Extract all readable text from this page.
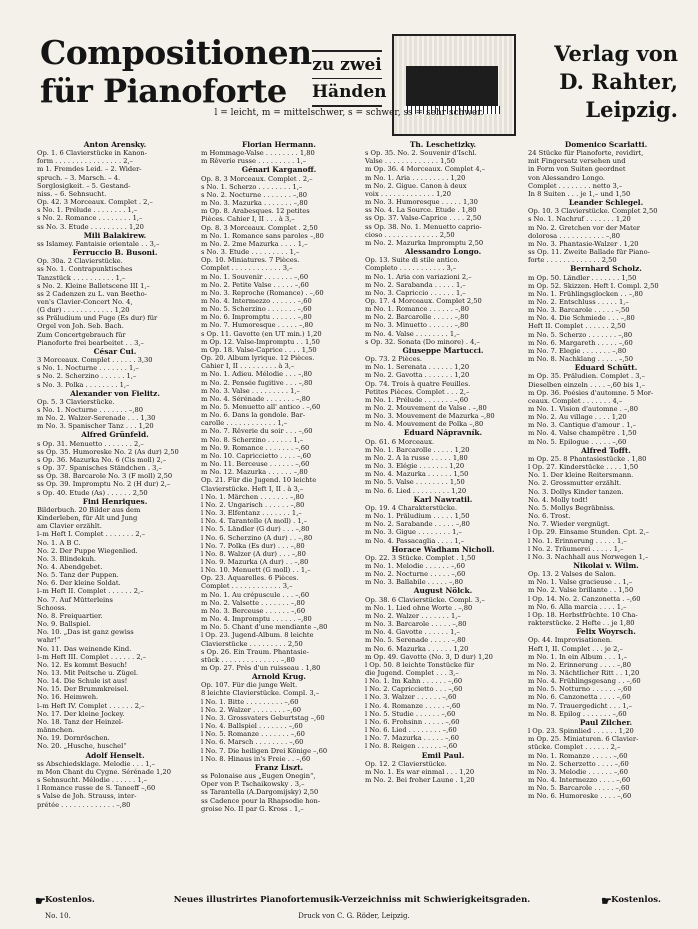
Compositionen
für Pianoforte
zu zwei
Händen
Verlag von
D. Rahter,
Leipzig.
l = leicht, m = mittelschwer, s = schwer, ss = sehr schwer.
Anton Arensky.
Op. 1. 6 Clavierstücke in Kanon-
form . . . . . . . . . . . . . . . . 2,–
m 1. Fremdes Leid. – 2. Wider-
spruch. – 3. Marsch. – 4.
Sorglosigkeit. – 5. Gestand-
niss. – 6. Sehnsucht.
Op. 42. 3 Morceaux. Complet . 2,–
s No. 1. Prélude . . . . . . . . 1,–
s No. 2. Romance . . . . . . . . 1,–
ss No. 3. Etude . . . . . . . . . 1,20
Mili Balakirew.
ss Islamey. Fantaisie orientale . . 3,–
Ferruccio B. Busoni.
Op. 30a. 2 Clavierstücke.
ss No. 1. Contrapunktisches
Tanzstück . . . . . . . . . . 1,–
s No. 2. Kleine Balletscene III 1,–
ss 2 Cadenzen zu L. van Beetho-
ven's Clavier-Concert No. 4,
(G dur) . . . . . . . . . . . . 1,20
ss Präludium und Fuge (Es dur) für
Orgel von Joh. Seb. Bach.
Zum Concertgebrauch für
Pianoforte frei bearbeitet . . 3,–
César Cui.
3 Morceaux. Complet . . . . . . 3,30
s No. 1. Nocturne . . . . . . . 1,–
s No. 2. Scherzino . . . . . . 1,–
s No. 3. Polka . . . . . . . . 1,–
Alexander von Fielitz.
Op. 5. 3 Clavierstücke.
s No. 1. Nocturne . . . . . . . –,80
m No. 2. Walzer-Serenade . . . 1,30
m No. 3. Spanischer Tanz . . . 1,20
Alfred Grünfeld.
s Op. 31. Menuetto . . . . . . . 2,–
ss Op. 35. Humoreske No. 2 (As dur) 2,50
s Op. 36. Mazurka No. 6 (Cis moll) 2,–
s Op. 37. Spanisches Ständchen . 3,–
ss Op. 38. Barcarole No. 3 (F moll) 2,50
ss Op. 39. Impromptu No. 2 (H dur) 2,–
s Op. 40. Etude (As) . . . . . . 2,50
Fini Henriques.
Bilderbuch. 20 Bilder aus dem
Kinderleben, für Alt und Jung
am Clavier erzählt.
l–m Heft I. Complet . . . . . . . 2,–
No. 1. A B C.
No. 2. Der Puppe Wiegenlied.
No. 3. Blindekuh.
No. 4. Abendgebet.
No. 5. Tanz der Puppen.
No. 6. Der kleine Soldat.
l–m Heft II. Complet . . . . . . 2,–
No. 7. Auf Mütterleins
Schooss.
No. 8. Freiquartier.
No. 9. Ballspiel.
No. 10. „Das ist ganz gewiss
wahr!“
No. 11. Das weinende Kind.
l–m Heft III. Complet . . . . . . 2,–
No. 12. Es kommt Besuch!
No. 13. Mit Peitsche u. Zügel.
No. 14. Die Schule ist aus!
No. 15. Der Brummkreisel.
No. 16. Heimweh.
l–m Heft IV. Complet . . . . . . 2,–
No. 17. Der kleine Jockey.
No. 18. Tanz der Heinzel-
männchen.
No. 19. Dornröschen.
No. 20. „Husche, huschel“
Adolf Henselt.
ss Abschiedsklage. Melodie . . . 1,–
m Mon Chant du Cygne. Sérénade 1,20
s Sehnsucht. Mélodie . . . . . . 1,–
l Romance russe de S. Taneeff –,60
s Valse de Joh. Strauss, inter-
prétée . . . . . . . . . . . . . –,80
Florian Hermann.
m Hommage-Valse . . . . . . . . 1,80
m Rêverie russe . . . . . . . . . 1,–
Génari Karganoff.
Op. 8. 3 Morceaux. Complet . 2,–
s No. 1. Scherzo . . . . . . . . 1,–
s No. 2. Nocturne . . . . . . . –,80
m No. 3. Mazurka . . . . . . . –,80
m Op. 8. Arabesques. 12 petites
Pièces. Cahier I, II . . . à 3,–
Op. 8. 3 Morceaux. Complet . 2,50
m No. 1. Romance sans paroles –,80
m No. 2. 2me Mazurka . . . . 1,–
s No. 3. Etude . . . . . . . . . 1,–
Op. 10. Miniatures. 7 Pièces.
Complet . . . . . . . . . . . . 3,–
m No. 1. Souvenir . . . . . . . –,60
m No. 2. Petite Valse . . . . . –,60
m No. 3. Reproche (Romance) . –,60
m No. 4. Intermezzo . . . . . . –,60
m No. 5. Scherzino . . . . . . . –,60
m No. 6. Impromptu . . . . . . –,80
m No. 7. Humoresque . . . . . –,80
s Op. 11. Gavotte (en UT min.) 1,20
m Op. 12. Valse-Impromptu . . 1,50
m Op. 18. Valse-Caprice . . . . 1,50
Op. 20. Album lyrique. 12 Pièces.
Cahier I, II . . . . . . . . . à 3,–
m No. 1. Adieu. Mélodie . . . –,80
m No. 2. Pensée fugitive . . . –,80
m No. 3. Valse . . . . . . . . . 1,–
m No. 4. Sérénade . . . . . . . –,80
m No. 5. Menuetto all' antico . –,60
m No. 6. Dans la gondole. Bar-
carolle . . . . . . . . . . . . 1,–
m No. 7. Rêverie du soir . . . –,60
m No. 8. Scherzino . . . . . . 1,–
m No. 9. Romance . . . . . . . –,60
m No. 10. Capriccietto . . . . –,60
m No. 11. Berceuse . . . . . . –,60
m No. 12. Mazurka . . . . . . –,80
Op. 21. Für die Jugend. 10 leichte
Clavierstücke. Heft I, II . à 3,–
l No. 1. Märchen . . . . . . . –,80
l No. 2. Ungarisch . . . . . . –,80
l No. 3. Elfentanz . . . . . . . 1,–
l No. 4. Tarantelle (A moll) . 1,–
l No. 5. Ländler (G dur) . . . –,80
l No. 6. Scherzino (A dur) . . –,80
l No. 7. Polka (Es dur) . . . –,80
l No. 8. Walzer (A dur) . . . –,80
l No. 9. Mazurka (A dur) . . –,80
l No. 10. Menuett (G moll) . . 1,–
Op. 23. Aquarelles. 6 Pièces.
Complet . . . . . . . . . . . . 3,–
m No. 1. Au crépuscule . . . –,60
m No. 2. Valsette . . . . . . . –,80
m No. 3. Berceuse . . . . . . –,60
m No. 4. Impromptu . . . . . . –,80
m No. 5. Chant d'une mendiante –,80
l Op. 23. Jugend-Album. 8 leichte
Clavierstücke . . . . . . . . . 2,50
s Op. 26. Ein Traum. Phantasie-
stück . . . . . . . . . . . . . . –,80
m Op. 27. Près d'un ruisseau . 1,80
Arnold Krug.
Op. 107. Für die junge Welt.
8 leichte Clavierstücke. Compl. 3,–
l No. 1. Bitte . . . . . . . . . –,60
l No. 2. Walzer . . . . . . . . –,60
l No. 3. Grossvaters Geburtstag –,60
l No. 4. Ballspiel . . . . . . . –,60
l No. 5. Romanze . . . . . . . –,60
l No. 6. Marsch . . . . . . . . –,60
l No. 7. Die heiligen Drei Könige –,60
l No. 8. Hinaus in's Freie . . –,60
Franz Liszt.
ss Polonaise aus „Eugen Onegin“,
Oper von P. Tschaikowsky . 3,–
ss Tarantella (A.Dargomijsky) 2,50
ss Cadence pour la Rhapsodie hon-
groise No. II par G. Kross . 1,–
Th. Leschetizky.
s Op. 35. No. 2. Souvenir d'Ischl.
Valse . . . . . . . . . . . . . 1,50
m Op. 36. 4 Morceaux. Complet 4,–
m No. 1. Aria . . . . . . . . . 1,20
m No. 2. Gigue. Canon à deux
voix . . . . . . . . . . . . . 1,20
m No. 3. Humoresque . . . . . 1,30
ss No. 4. La Source. Etude . 1,80
ss Op. 37. Valse-Caprice . . . . 2,50
ss Op. 38. No. 1. Menuetto caprio-
cioso . . . . . . . . . . . . . 2,50
m No. 2. Mazurka Impromptu 2,50
Alessandro Longo.
Op. 13. Suite di stile antico.
Completo . . . . . . . . . . . 3,–
m No. 1. Aria con variazioni 2,–
m No. 2. Sarabanda . . . . . 1,–
m No. 3. Capriccio . . . . . . 1,–
Op. 17. 4 Morceaux. Complet 2,50
m No. 1. Romance . . . . . . –,80
m No. 2. Barcarolle . . . . . –,80
m No. 3. Minuetto . . . . . . –,80
m No. 4. Valse . . . . . . . . 1,–
s Op. 32. Sonata (Do minore) . 4,–
Giuseppe Martucci.
Op. 73. 2 Pièces.
m No. 1. Serenata . . . . . . 1,20
m No. 2. Gavotta . . . . . . . 1,20
Op. 74. Trois à quatre Feuilles.
Petites Pièces. Complet . . . 2,–
m No. 1. Prélude . . . . . . . –,60
m No. 2. Mouvement de Valse . –,80
m No. 3. Mouvement de Mazurka –,80
m No. 4. Mouvement de Polka –,80
Eduard Nápravník.
Op. 61. 6 Morceaux.
m No. 1. Barcarolle . . . . . 1,20
m No. 2. A la russe . . . . . 1,80
m No. 3. Elégie . . . . . . . 1,20
m No. 4. Mazurka . . . . . . 1,50
m No. 5. Valse . . . . . . . . 1,50
m No. 6. Lied . . . . . . . . . 1,20
Karl Nawratil.
Op. 19. 4 Charakterstücke.
m No. 1. Präludium . . . . . 1,50
m No. 2. Sarabande . . . . . –,80
m No. 3. Gigue . . . . . . . . 1,–
m No. 4. Passacaglia . . . . 1,–
Horace Wadham Nicholl.
Op. 22. 3 Stücke. Complet . 1,50
m No. 1. Melodie . . . . . . –,60
m No. 2. Nocturne . . . . . –,60
m No. 3. Ballabile . . . . . –,80
August Nölck.
Op. 38. 6 Clavierstücke. Compl. 3,–
m No. 1. Lied ohne Worte . –,80
m No. 2. Walzer . . . . . . . 1,–
m No. 3. Barcarole . . . . . –,80
m No. 4. Gavotte . . . . . . 1,–
m No. 5. Serenade . . . . . –,80
m No. 6. Mazurka . . . . . . 1,20
m Op. 49. Gavotte (No. 3, D dur) 1,20
l Op. 50. 8 leichte Tonstücke für
die Jugend. Complet . . . 3,–
l No. 1. Im Kahn . . . . . . –,60
l No. 2. Capriccietto . . . –,60
l No. 3. Walzer . . . . . . –,60
l No. 4. Romanze . . . . . –,60
l No. 5. Studie . . . . . . –,60
l No. 6. Frohsinn . . . . . –,60
l No. 6. Lied . . . . . . . . –,60
l No. 7. Mazurka . . . . . –,60
l No. 8. Reigen . . . . . . –,60
Emil Paul.
Op. 12. 2 Clavierstücke.
m No. 1. Es war einmal . . . 1,20
m No. 2. Bei froher Laune . 1,20
Domenico Scarlatti.
24 Stücke für Pianoforte, revidirt,
mit Fingersatz versehen und
in Form von Suiten geordnet
von Alessandro Longo.
Complet . . . . . . . . netto 3,–
In 8 Suiten . . . je 1,– und 1,50
Leander Schlegel.
Op. 10. 3 Clavierstücke. Complet 2,50
s No. 1. Nachruf . . . . . . . 1,20
m No. 2. Gretchen vor der Mater
dolorosa . . . . . . . . . . . –,80
m No. 3. Phantasie-Walzer . 1,20
ss Op. 11. Zweite Ballade für Piano-
forte . . . . . . . . . . . . . 2,50
Bernhard Scholz.
m Op. 50. Ländler . . . . . . . 1,50
m Op. 52. Skizzen. Heft I. Compl. 2,50
m No. 1. Frühlingsglocken . . –,80
m No. 2. Entschluss . . . . . 1,–
m No. 3. Barcarole . . . . . –,50
m No. 4. Die Schmiede . . . –,80
Heft II. Complet . . . . . . 2,50
m No. 5. Scherzo . . . . . . . –,80
m No. 6. Margareth . . . . . –,60
m No. 7. Elegie . . . . . . . –,80
m No. 8. Nachklang . . . . . –,50
Eduard Schütt.
m Op. 35. Präludien. Complet . 3,–
Dieselben einzeln . . . . –,60 bis 1,–
m Op. 36. Poésies d'automne. 5 Mor-
ceaux. Complet . . . . . . . 4,–
m No. 1. Vision d'automne . –,80
m No. 2. Au village . . . . 1,20
m No. 3. Cantique d'amour . 1,–
m No. 4. Valse champêtre . 1,50
m No. 5. Epilogue . . . . . –,60
Alfred Tofft.
m Op. 25. 8 Phantasiestücke . 1,80
l Op. 27. Kinderstücke . . . . 1,50
No. 1. Der kleine Reitersmann.
No. 2. Grossmutter erzählt.
No. 3. Dollys Kinder tanzen.
No. 4. Molly todt!
No. 5. Mollys Begräbniss.
No. 6. Trost.
No. 7. Wieder vergnügt.
l Op. 29. Einsame Stunden. Cpt. 2,–
l No. 1. Erinnerung . . . . . 1,–
l No. 2. Träumerei . . . . . 1,–
l No. 3. Nachhall aus Norwegen 1,–
Nikolai v. Wilm.
Op. 13. 2 Valses de Salon.
m No. 1. Valse gracieuse . . 1,–
m No. 2. Valse brillante . . 1,50
l Op. 14. No. 2. Canzonetta . –,60
m No. 6. Alla marcia . . . . 1,–
l Op. 18. Herbstfrüchte. 10 Cha-
rakterstücke. 2 Hefte . . je 1,80
Felix Woyrsch.
Op. 44. Improvisationen.
Heft I, II. Complet . . . je 2,–
m No. 1. In ein Album . . . 1,–
m No. 2. Erinnerung . . . . –,80
m No. 3. Nächtlicher Ritt . . 1,20
m No. 4. Frühlingsgesang . . –,60
m No. 5. Notturno . . . . . . –,60
m No. 6. Canzonetta . . . . –,60
m No. 7. Trauergedicht . . . 1,–
m No. 8. Epilog . . . . . . . –,60
Paul Zilcher.
l Op. 23. Spinnlied . . . . . . 1,20
m Op. 25. Miniaturen. 6 Clavier-
stücke. Complet . . . . . . 2,–
m No. 1. Romanze . . . . . –,60
m No. 2. Scherzetto . . . . –,60
m No. 3. Melodie . . . . . . –,60
m No. 4. Intermezzo . . . . –,60
m No. 5. Barcarole . . . . . –,60
m No. 6. Humoreske . . . . –,60
☛ Kostenlos.	Neues illustrirtes Pianofortemusik-Verzeichniss mit Schwierigkeitsgraden.	☛ Kostenlos.
No. 10.	Druck von C. G. Röder, Leipzig.
